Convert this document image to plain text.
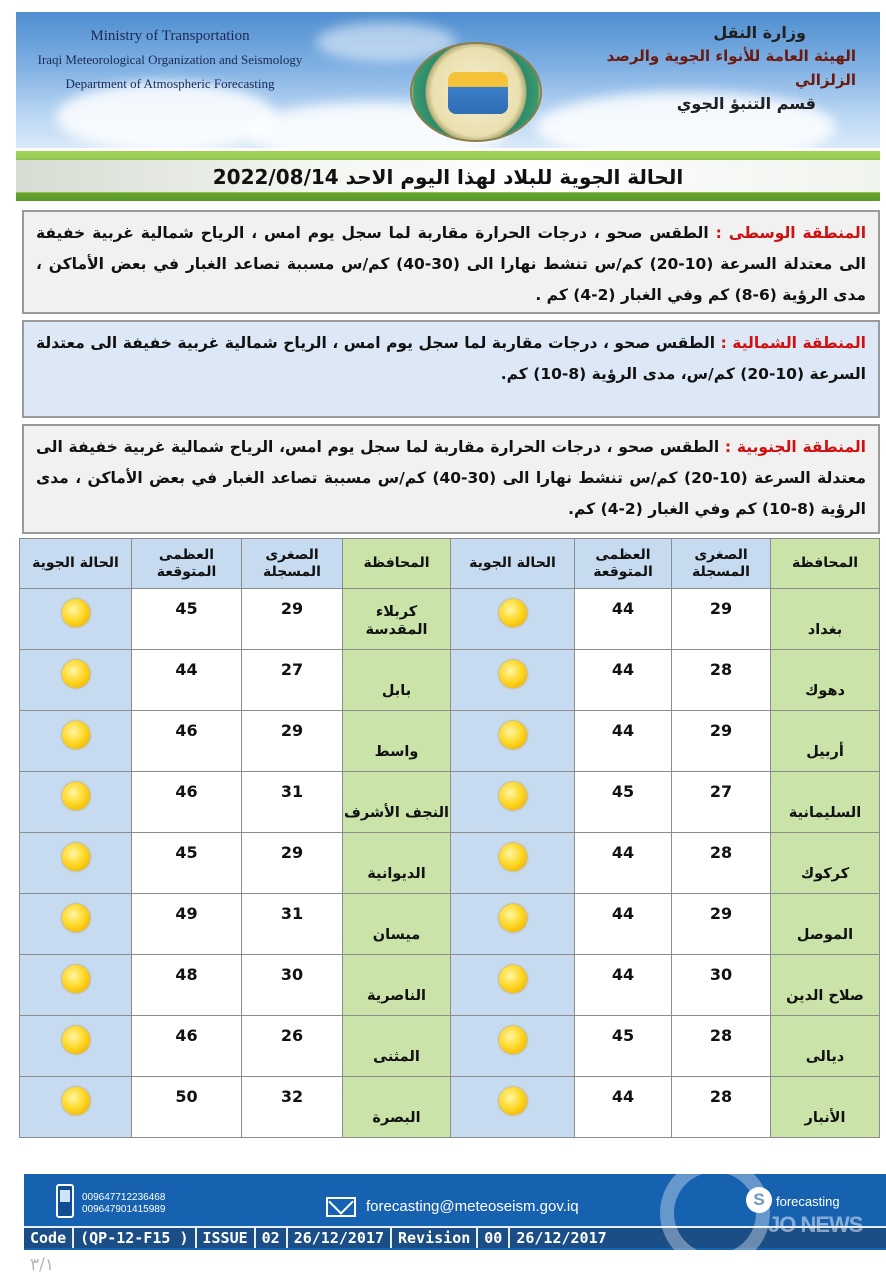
Ministry of Transportation
Iraqi Meteorological Organization and Seismology
Department of Atmospheric Forecasting
وزارة النقل
الهيئة العامة للأنواء الجوية والرصد الزلزالي
قسم التنبؤ الجوي
الحالة الجوية للبلاد لهذا اليوم الاحد 2022/08/14
المنطقة الوسطى : الطقس صحو ، درجات الحرارة مقاربة لما سجل يوم امس ، الرياح شمالية غربية خفيفة الى معتدلة السرعة (10-20) كم/س تنشط نهارا الى (30-40) كم/س مسببة تصاعد الغبار في بعض الأماكن ، مدى الرؤية (6-8) كم وفي الغبار (2-4) كم .
المنطقة الشمالية : الطقس صحو ، درجات مقاربة لما سجل يوم امس ، الرياح شمالية غربية خفيفة الى معتدلة السرعة (10-20) كم/س، مدى الرؤية (8-10) كم.
المنطقة الجنوبية : الطقس صحو ، درجات الحرارة مقاربة لما سجل يوم امس، الرياح شمالية غربية خفيفة الى معتدلة السرعة (10-20) كم/س تنشط نهارا الى (30-40) كم/س مسببة تصاعد الغبار في بعض الأماكن ، مدى الرؤية (8-10) كم وفي الغبار (2-4) كم.
المحافظة	الصغرى المسجلة	العظمى المتوقعة	الحالة الجوية	المحافظة	الصغرى المسجلة	العظمى المتوقعة	الحالة الجوية
بغداد	29	44		كربلاء المقدسة	29	45	
دهوك	28	44		بابل	27	44	
أربيل	29	44		واسط	29	46	
السليمانية	27	45		النجف الأشرف	31	46	
كركوك	28	44		الديوانية	29	45	
الموصل	29	44		ميسان	31	49	
صلاح الدين	30	44		الناصرية	30	48	
ديالى	28	45		المثنى	26	46	
الأنبار	28	44		البصرة	32	50	
009647712236468
009647901415989	forecasting@meteoseism.gov.iq	S forecasting
Code (QP-12-F15 ) ISSUE 02 26/12/2017 Revision 00 26/12/2017
JO NEWS
٣/١
